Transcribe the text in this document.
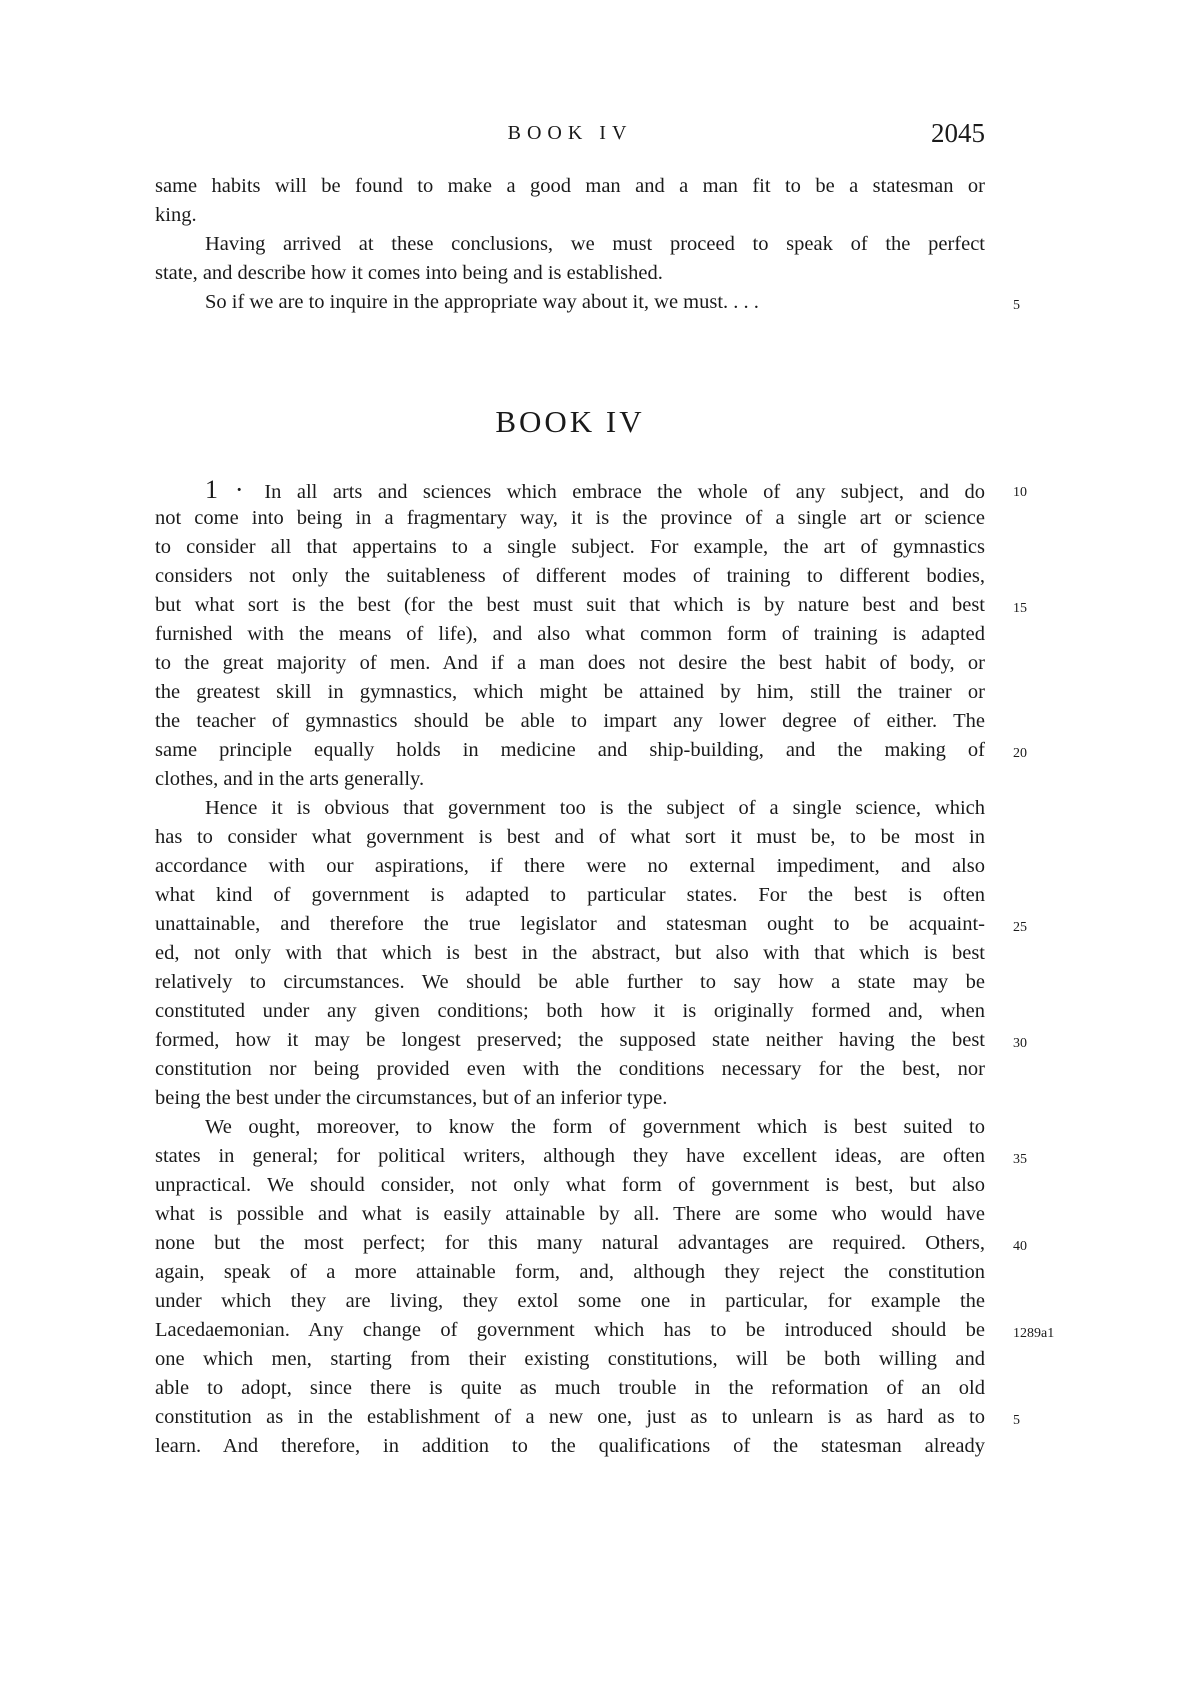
BOOK IV	2045
same habits will be found to make a good man and a man fit to be a statesman or
king.
Having arrived at these conclusions, we must proceed to speak of the perfect
state, and describe how it comes into being and is established.
So if we are to inquire in the appropriate way about it, we must. . . .	5
BOOK IV
1 · In all arts and sciences which embrace the whole of any subject, and do 10
not come into being in a fragmentary way, it is the province of a single art or science
to consider all that appertains to a single subject. For example, the art of gymnastics
considers not only the suitableness of different modes of training to different bodies,
but what sort is the best (for the best must suit that which is by nature best and best 15
furnished with the means of life), and also what common form of training is adapted
to the great majority of men. And if a man does not desire the best habit of body, or
the greatest skill in gymnastics, which might be attained by him, still the trainer or
the teacher of gymnastics should be able to impart any lower degree of either. The
same principle equally holds in medicine and ship-building, and the making of 20
clothes, and in the arts generally.
Hence it is obvious that government too is the subject of a single science, which
has to consider what government is best and of what sort it must be, to be most in
accordance with our aspirations, if there were no external impediment, and also
what kind of government is adapted to particular states. For the best is often
unattainable, and therefore the true legislator and statesman ought to be acquaint- 25
ed, not only with that which is best in the abstract, but also with that which is best
relatively to circumstances. We should be able further to say how a state may be
constituted under any given conditions; both how it is originally formed and, when
formed, how it may be longest preserved; the supposed state neither having the best 30
constitution nor being provided even with the conditions necessary for the best, nor
being the best under the circumstances, but of an inferior type.
We ought, moreover, to know the form of government which is best suited to
states in general; for political writers, although they have excellent ideas, are often 35
unpractical. We should consider, not only what form of government is best, but also
what is possible and what is easily attainable by all. There are some who would have
none but the most perfect; for this many natural advantages are required. Others, 40
again, speak of a more attainable form, and, although they reject the constitution
under which they are living, they extol some one in particular, for example the
Lacedaemonian. Any change of government which has to be introduced should be 1289a1
one which men, starting from their existing constitutions, will be both willing and
able to adopt, since there is quite as much trouble in the reformation of an old
constitution as in the establishment of a new one, just as to unlearn is as hard as to 5
learn. And therefore, in addition to the qualifications of the statesman already
